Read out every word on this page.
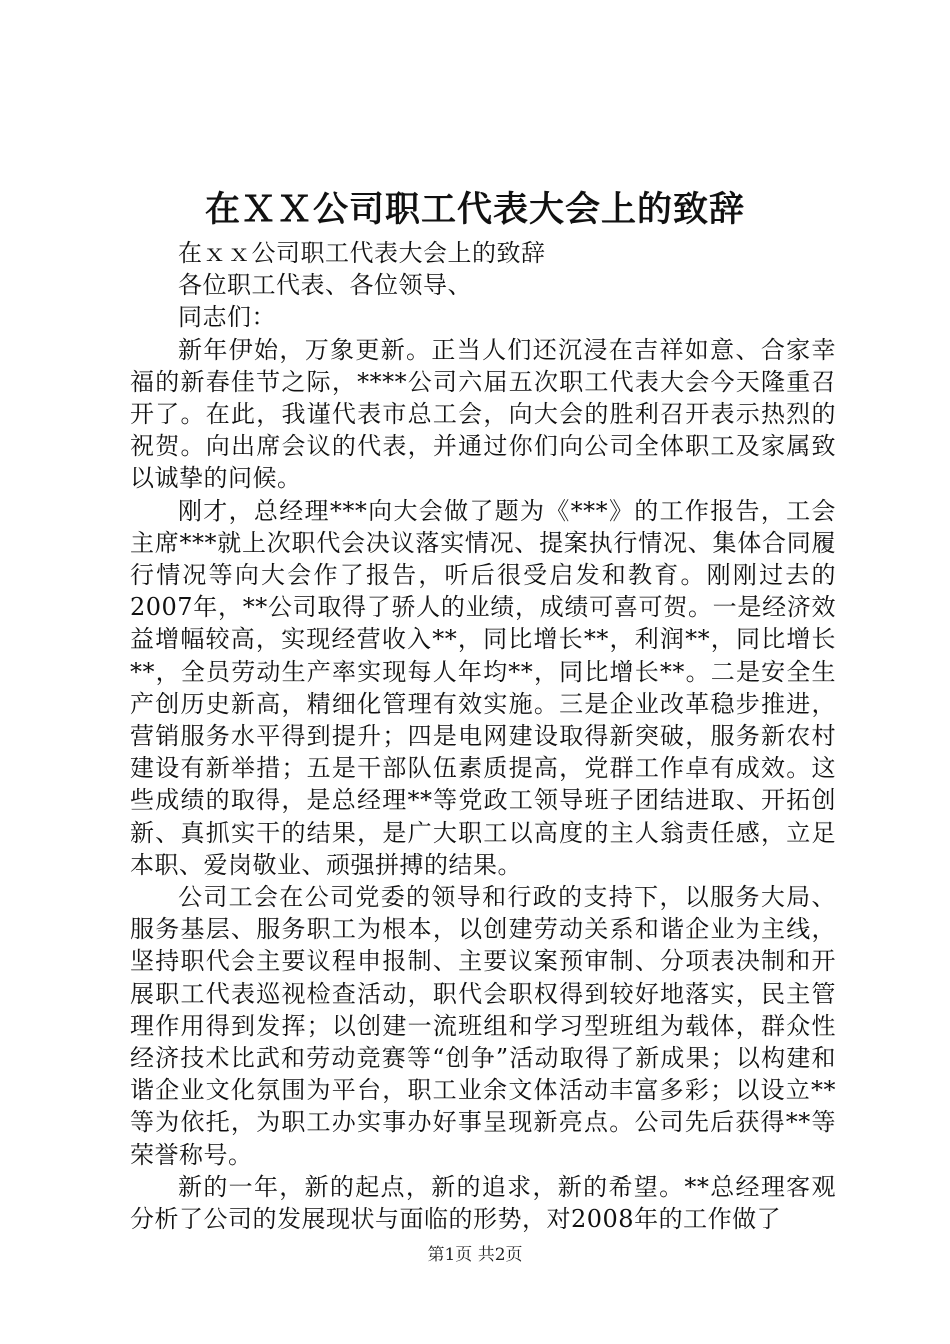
在ＸＸ公司职工代表大会上的致辞

在ｘｘ公司职工代表大会上的致辞

各位职工代表、各位领导、

同志们：

新年伊始，万象更新。正当人们还沉浸在吉祥如意、合家幸福的新春佳节之际，****公司六届五次职工代表大会今天隆重召开了。在此，我谨代表市总工会，向大会的胜利召开表示热烈的祝贺。向出席会议的代表，并通过你们向公司全体职工及家属致以诚挚的问候。

刚才，总经理***向大会做了题为《***》的工作报告，工会主席***就上次职代会决议落实情况、提案执行情况、集体合同履行情况等向大会作了报告，听后很受启发和教育。刚刚过去的2007年，**公司取得了骄人的业绩，成绩可喜可贺。一是经济效益增幅较高，实现经营收入**，同比增长**，利润**，同比增长**，全员劳动生产率实现每人年均**，同比增长**。二是安全生产创历史新高，精细化管理有效实施。三是企业改革稳步推进，营销服务水平得到提升；四是电网建设取得新突破，服务新农村建设有新举措；五是干部队伍素质提高，党群工作卓有成效。这些成绩的取得，是总经理**等党政工领导班子团结进取、开拓创新、真抓实干的结果，是广大职工以高度的主人翁责任感，立足本职、爱岗敬业、顽强拼搏的结果。

公司工会在公司党委的领导和行政的支持下，以服务大局、服务基层、服务职工为根本，以创建劳动关系和谐企业为主线，坚持职代会主要议程申报制、主要议案预审制、分项表决制和开展职工代表巡视检查活动，职代会职权得到较好地落实，民主管理作用得到发挥；以创建一流班组和学习型班组为载体，群众性经济技术比武和劳动竞赛等“创争”活动取得了新成果；以构建和谐企业文化氛围为平台，职工业余文体活动丰富多彩；以设立**等为依托，为职工办实事办好事呈现新亮点。公司先后获得**等荣誉称号。

新的一年，新的起点，新的追求，新的希望。**总经理客观分析了公司的发展现状与面临的形势，对2008年的工作做了

第1页 共2页
